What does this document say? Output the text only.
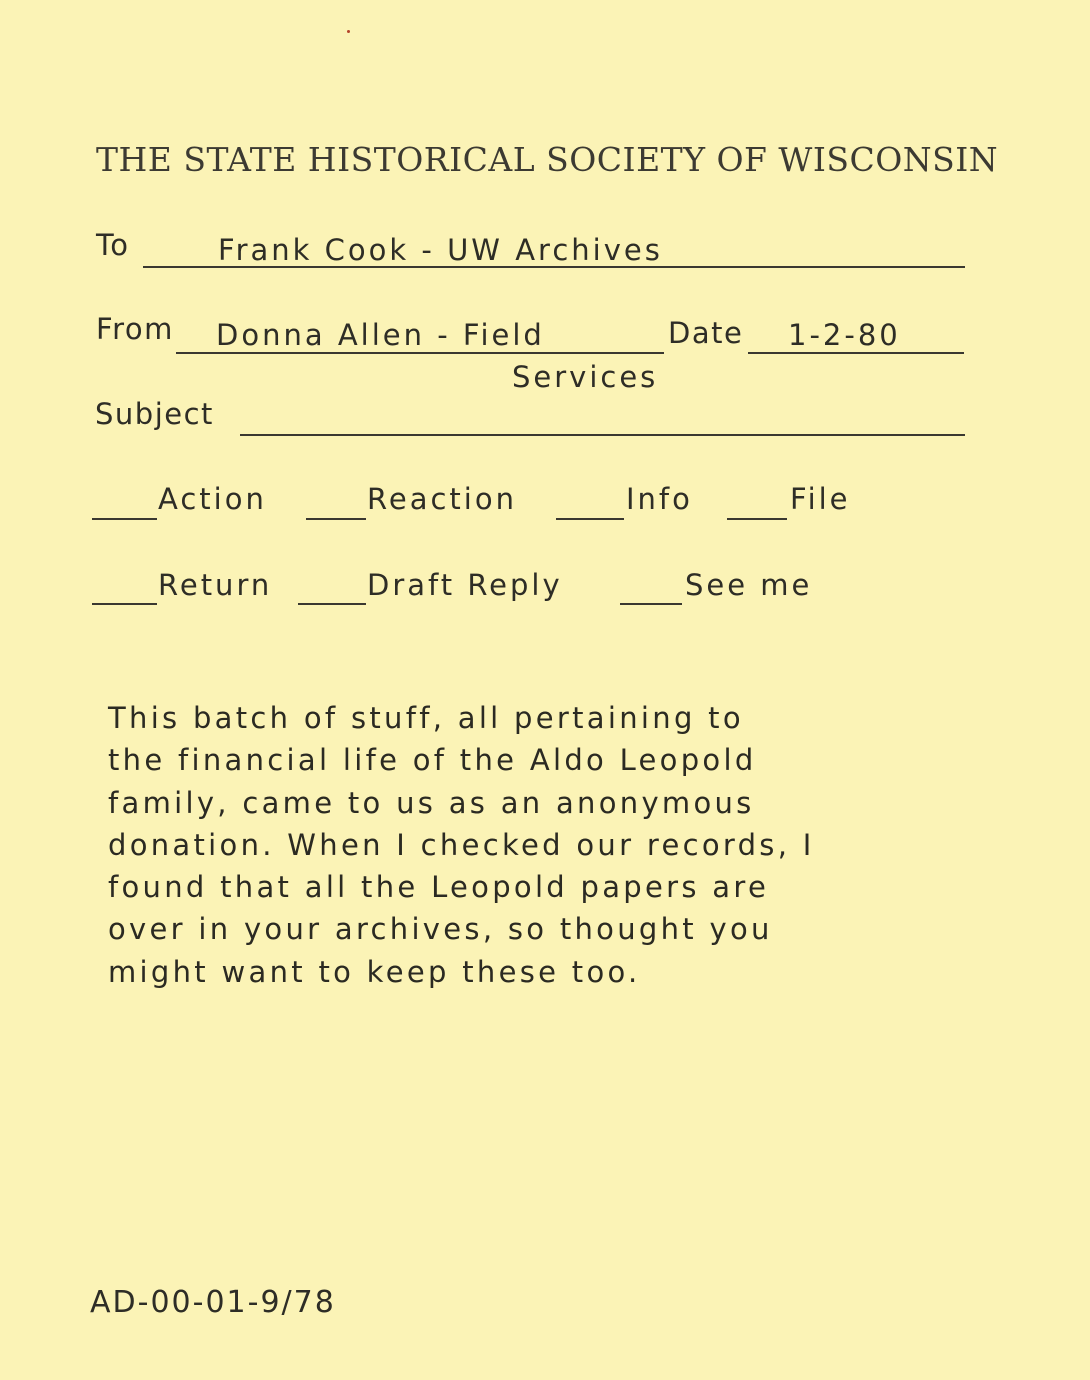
THE STATE HISTORICAL SOCIETY OF WISCONSIN
To	Frank Cook - UW Archives
From Donna Allen - Field	Date 1-2-80
Services
Subject
Action	Reaction	Info	File
Return	Draft Reply	See me
This batch of stuff, all pertaining to
the financial life of the Aldo Leopold
family, came to us as an anonymous
donation. When I checked our records, I
found that all the Leopold papers are
over in your archives, so thought you
might want to keep these too.
AD-00-01-9/78
